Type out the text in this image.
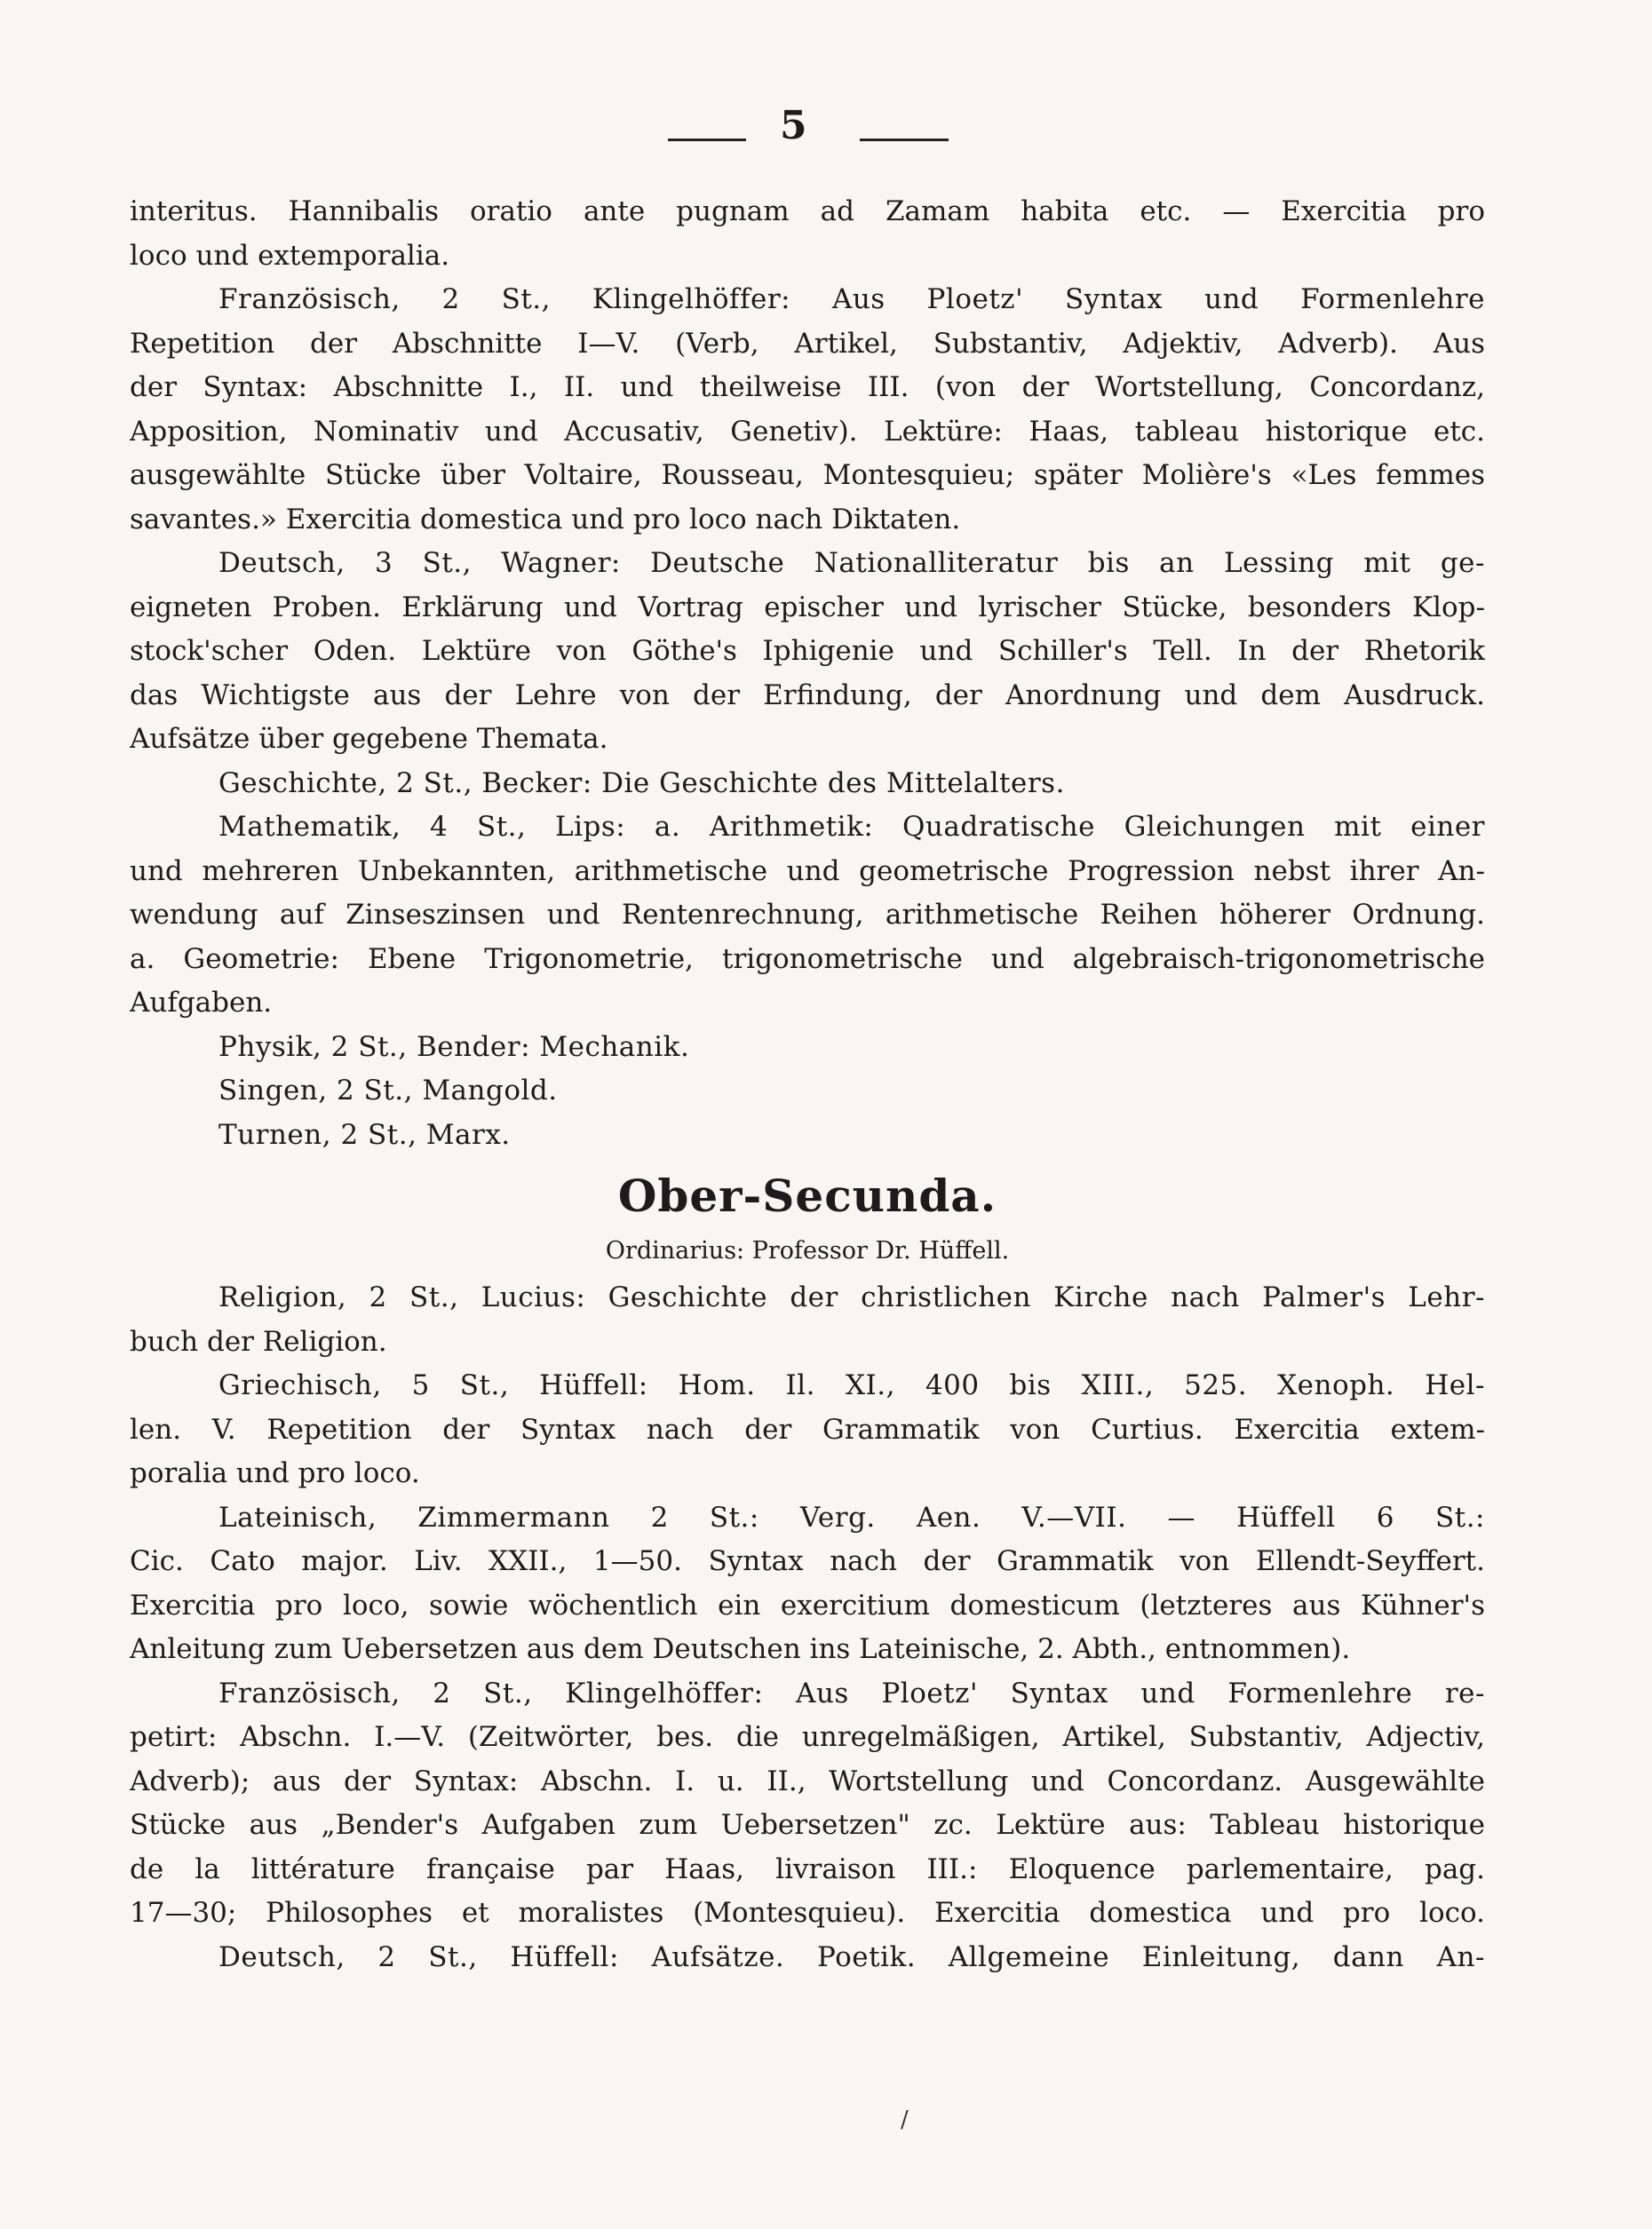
5
interitus. Hannibalis oratio ante pugnam ad Zamam habita etc. — Exercitia pro
loco und extemporalia.
Französisch, 2 St., Klingelhöffer: Aus Ploetz' Syntax und Formenlehre
Repetition der Abschnitte I—V. (Verb, Artikel, Substantiv, Adjektiv, Adverb). Aus
der Syntax: Abschnitte I., II. und theilweise III. (von der Wortstellung, Concordanz,
Apposition, Nominativ und Accusativ, Genetiv). Lektüre: Haas, tableau historique etc.
ausgewählte Stücke über Voltaire, Rousseau, Montesquieu; später Molière's «Les femmes
savantes.» Exercitia domestica und pro loco nach Diktaten.
Deutsch, 3 St., Wagner: Deutsche Nationalliteratur bis an Lessing mit ge-
eigneten Proben. Erklärung und Vortrag epischer und lyrischer Stücke, besonders Klop-
stock'scher Oden. Lektüre von Göthe's Iphigenie und Schiller's Tell. In der Rhetorik
das Wichtigste aus der Lehre von der Erfindung, der Anordnung und dem Ausdruck.
Aufsätze über gegebene Themata.
Geschichte, 2 St., Becker: Die Geschichte des Mittelalters.
Mathematik, 4 St., Lips: a. Arithmetik: Quadratische Gleichungen mit einer
und mehreren Unbekannten, arithmetische und geometrische Progression nebst ihrer An-
wendung auf Zinseszinsen und Rentenrechnung, arithmetische Reihen höherer Ordnung.
a. Geometrie: Ebene Trigonometrie, trigonometrische und algebraisch-trigonometrische
Aufgaben.
Physik, 2 St., Bender: Mechanik.
Singen, 2 St., Mangold.
Turnen, 2 St., Marx.
Ober-Secunda.
Ordinarius: Professor Dr. Hüffell.
Religion, 2 St., Lucius: Geschichte der christlichen Kirche nach Palmer's Lehr-
buch der Religion.
Griechisch, 5 St., Hüffell: Hom. Il. XI., 400 bis XIII., 525. Xenoph. Hel-
len. V. Repetition der Syntax nach der Grammatik von Curtius. Exercitia extem-
poralia und pro loco.
Lateinisch, Zimmermann 2 St.: Verg. Aen. V.—VII. — Hüffell 6 St.:
Cic. Cato major. Liv. XXII., 1—50. Syntax nach der Grammatik von Ellendt-Seyffert.
Exercitia pro loco, sowie wöchentlich ein exercitium domesticum (letzteres aus Kühner's
Anleitung zum Uebersetzen aus dem Deutschen ins Lateinische, 2. Abth., entnommen).
Französisch, 2 St., Klingelhöffer: Aus Ploetz' Syntax und Formenlehre re-
petirt: Abschn. I.—V. (Zeitwörter, bes. die unregelmäßigen, Artikel, Substantiv, Adjectiv,
Adverb); aus der Syntax: Abschn. I. u. II., Wortstellung und Concordanz. Ausgewählte
Stücke aus „Bender's Aufgaben zum Uebersetzen" zc. Lektüre aus: Tableau historique
de la littérature française par Haas, livraison III.: Eloquence parlementaire, pag.
17—30; Philosophes et moralistes (Montesquieu). Exercitia domestica und pro loco.
Deutsch, 2 St., Hüffell: Aufsätze. Poetik. Allgemeine Einleitung, dann An-
/
